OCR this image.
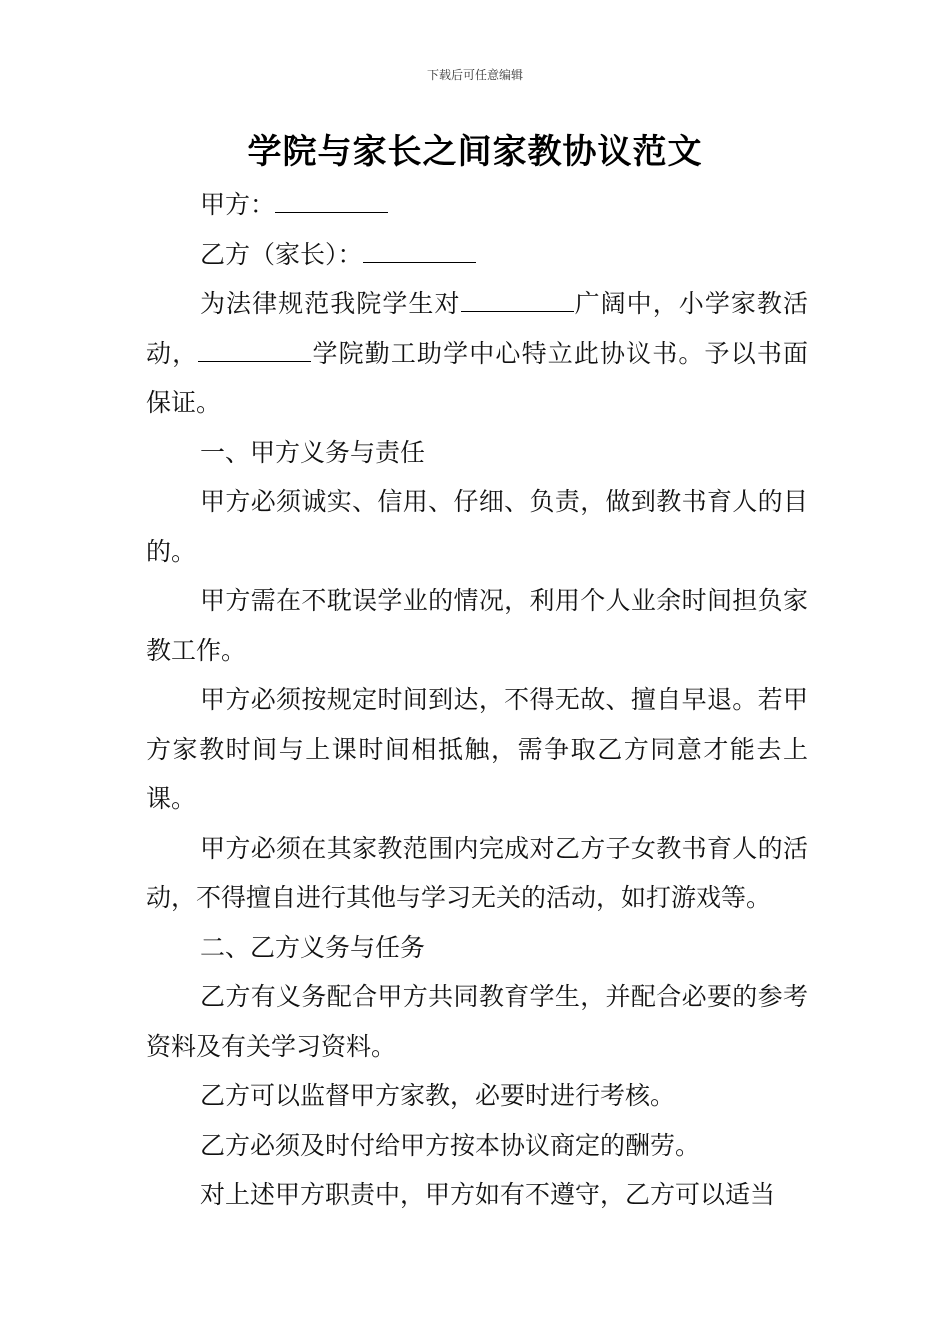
下载后可任意编辑
学院与家长之间家教协议范文

甲方：

乙方（家长）：

为法律规范我院学生对	广阔中，小学家教活动，	学院勤工助学中心特立此协议书。予以书面保证。

一、甲方义务与责任

甲方必须诚实、信用、仔细、负责，做到教书育人的目的。

甲方需在不耽误学业的情况，利用个人业余时间担负家教工作。

甲方必须按规定时间到达，不得无故、擅自早退。若甲方家教时间与上课时间相抵触，需争取乙方同意才能去上课。

甲方必须在其家教范围内完成对乙方子女教书育人的活动，不得擅自进行其他与学习无关的活动，如打游戏等。

二、乙方义务与任务

乙方有义务配合甲方共同教育学生，并配合必要的参考资料及有关学习资料。

乙方可以监督甲方家教，必要时进行考核。

乙方必须及时付给甲方按本协议商定的酬劳。

对上述甲方职责中，甲方如有不遵守，乙方可以适当
